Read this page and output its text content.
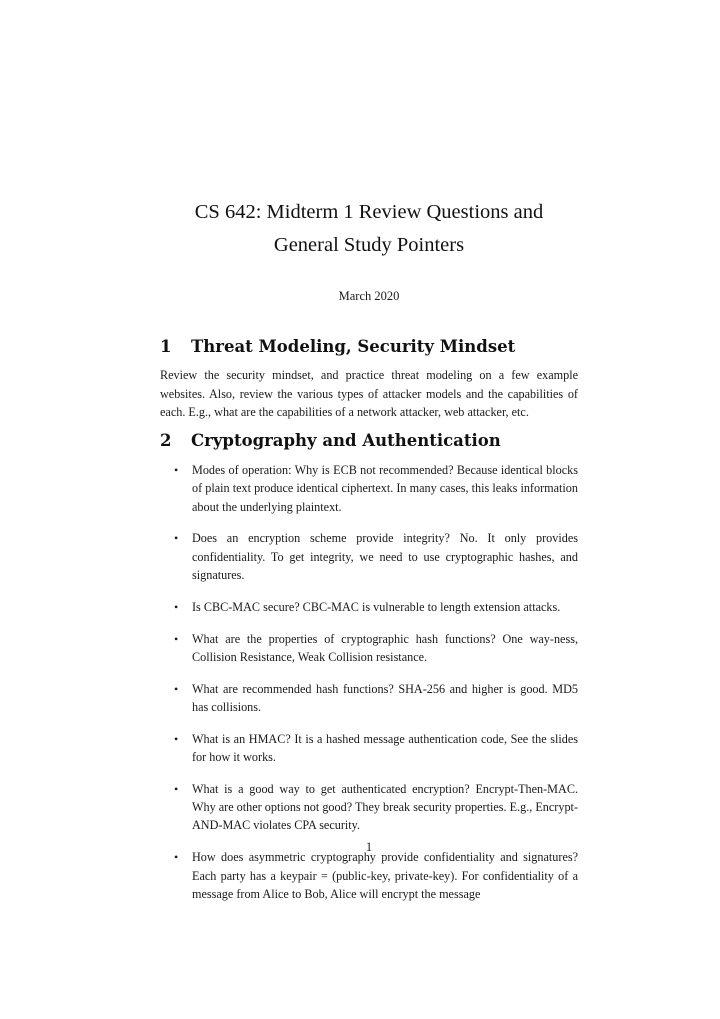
CS 642: Midterm 1 Review Questions and
General Study Pointers
March 2020
1 Threat Modeling, Security Mindset
Review the security mindset, and practice threat modeling on a few example websites. Also, review the various types of attacker models and the capabilities of each. E.g., what are the capabilities of a network attacker, web attacker, etc.
2 Cryptography and Authentication
• Modes of operation: Why is ECB not recommended? Because identical blocks of plain text produce identical ciphertext. In many cases, this leaks information about the underlying plaintext.
• Does an encryption scheme provide integrity? No. It only provides confidentiality. To get integrity, we need to use cryptographic hashes, and signatures.
• Is CBC-MAC secure? CBC-MAC is vulnerable to length extension attacks.
• What are the properties of cryptographic hash functions? One way-ness, Collision Resistance, Weak Collision resistance.
• What are recommended hash functions? SHA-256 and higher is good. MD5 has collisions.
• What is an HMAC? It is a hashed message authentication code, See the slides for how it works.
• What is a good way to get authenticated encryption? Encrypt-Then-MAC. Why are other options not good? They break security properties. E.g., Encrypt-AND-MAC violates CPA security.
• How does asymmetric cryptography provide confidentiality and signatures? Each party has a keypair = (public-key, private-key). For confidentiality of a message from Alice to Bob, Alice will encrypt the message
1
